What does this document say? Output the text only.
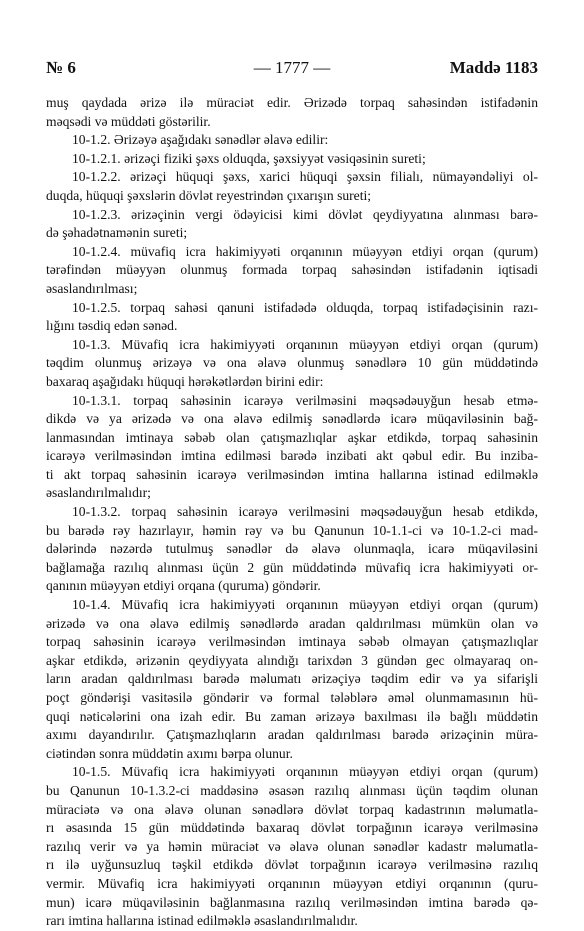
№ 6	— 1777 —	Maddə 1183
muş qaydada ərizə ilə müraciət edir. Ərizədə torpaq sahəsindən istifadənin
məqsədi və müddəti göstərilir.
10-1.2. Ərizəyə aşağıdakı sənədlər əlavə edilir:
10-1.2.1. ərizəçi fiziki şəxs olduqda, şəxsiyyət vəsiqəsinin sureti;
10-1.2.2. ərizəçi hüquqi şəxs, xarici hüquqi şəxsin filialı, nümayəndəliyi ol-
duqda, hüquqi şəxslərin dövlət reyestrindən çıxarışın sureti;
10-1.2.3. ərizəçinin vergi ödəyicisi kimi dövlət qeydiyyatına alınması barə-
də şəhadətnamənin sureti;
10-1.2.4. müvafiq icra hakimiyyəti orqanının müəyyən etdiyi orqan (qurum)
tərəfindən müəyyən olunmuş formada torpaq sahəsindən istifadənin iqtisadi
əsaslandırılması;
10-1.2.5. torpaq sahəsi qanuni istifadədə olduqda, torpaq istifadəçisinin razı-
lığını təsdiq edən sənəd.
10-1.3. Müvafiq icra hakimiyyəti orqanının müəyyən etdiyi orqan (qurum)
təqdim olunmuş ərizəyə və ona əlavə olunmuş sənədlərə 10 gün müddətində
baxaraq aşağıdakı hüquqi hərəkətlərdən birini edir:
10-1.3.1. torpaq sahəsinin icarəyə verilməsini məqsədəuyğun hesab etmə-
dikdə və ya ərizədə və ona əlavə edilmiş sənədlərdə icarə müqaviləsinin bağ-
lanmasından imtinaya səbəb olan çatışmazlıqlar aşkar etdikdə, torpaq sahəsinin
icarəyə verilməsindən imtina edilməsi barədə inzibati akt qəbul edir. Bu inziba-
ti akt torpaq sahəsinin icarəyə verilməsindən imtina hallarına istinad edilməklə
əsaslandırılmalıdır;
10-1.3.2. torpaq sahəsinin icarəyə verilməsini məqsədəuyğun hesab etdikdə,
bu barədə rəy hazırlayır, həmin rəy və bu Qanunun 10-1.1-ci və 10-1.2-ci mad-
dələrində nəzərdə tutulmuş sənədlər də əlavə olunmaqla, icarə müqaviləsini
bağlamağa razılıq alınması üçün 2 gün müddətində müvafiq icra hakimiyyəti or-
qanının müəyyən etdiyi orqana (quruma) göndərir.
10-1.4. Müvafiq icra hakimiyyəti orqanının müəyyən etdiyi orqan (qurum)
ərizədə və ona əlavə edilmiş sənədlərdə aradan qaldırılması mümkün olan və
torpaq sahəsinin icarəyə verilməsindən imtinaya səbəb olmayan çatışmazlıqlar
aşkar etdikdə, ərizənin qeydiyyata alındığı tarixdən 3 gündən gec olmayaraq on-
ların aradan qaldırılması barədə məlumatı ərizəçiyə təqdim edir və ya sifarişli
poçt göndərişi vasitəsilə göndərir və formal tələblərə əməl olunmamasının hü-
quqi nəticələrini ona izah edir. Bu zaman ərizəyə baxılması ilə bağlı müddətin
axımı dayandırılır. Çatışmazlıqların aradan qaldırılması barədə ərizəçinin müra-
ciətindən sonra müddətin axımı bərpa olunur.
10-1.5. Müvafiq icra hakimiyyəti orqanının müəyyən etdiyi orqan (qurum)
bu Qanunun 10-1.3.2-ci maddəsinə əsasən razılıq alınması üçün təqdim olunan
müraciətə və ona əlavə olunan sənədlərə dövlət torpaq kadastrının məlumatla-
rı əsasında 15 gün müddətində baxaraq dövlət torpağının icarəyə verilməsinə
razılıq verir və ya həmin müraciət və əlavə olunan sənədlər kadastr məlumatla-
rı ilə uyğunsuzluq təşkil etdikdə dövlət torpağının icarəyə verilməsinə razılıq
vermir. Müvafiq icra hakimiyyəti orqanının müəyyən etdiyi orqanının (quru-
mun) icarə müqaviləsinin bağlanmasına razılıq verilməsindən imtina barədə qə-
rarı imtina hallarına istinad edilməklə əsaslandırılmalıdır.
